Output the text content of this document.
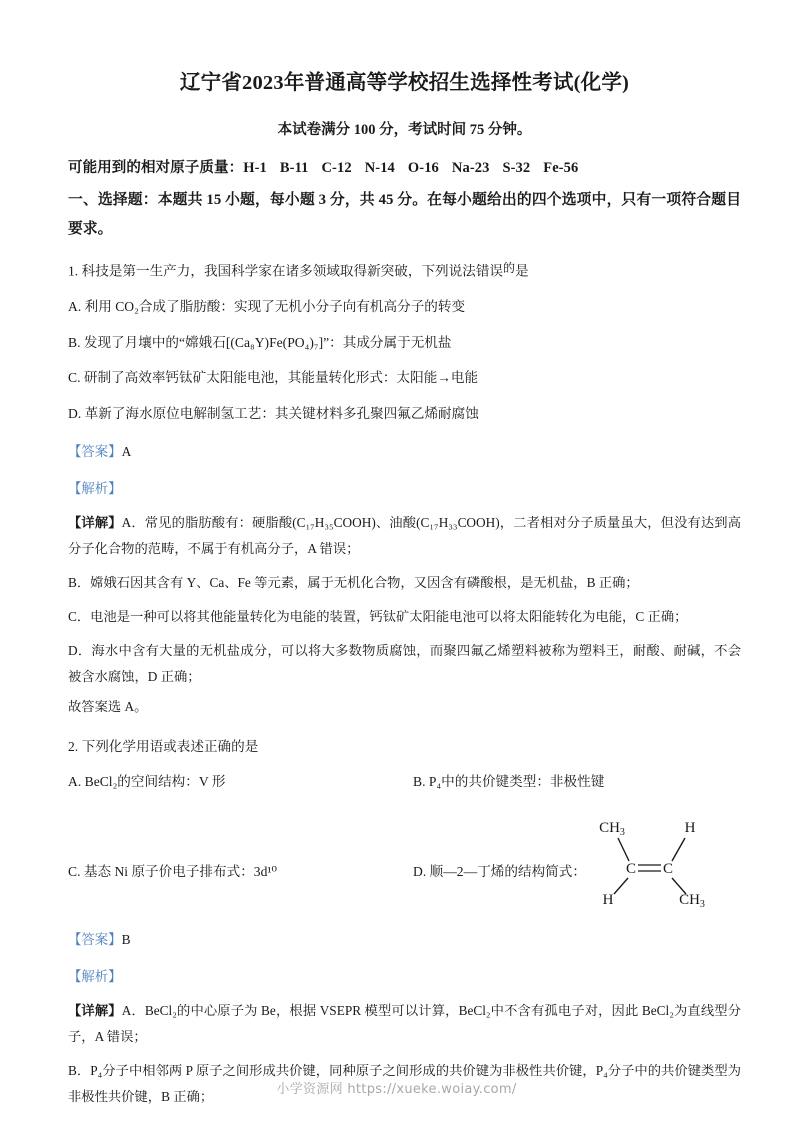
辽宁省2023年普通高等学校招生选择性考试(化学)
本试卷满分 100 分，考试时间 75 分钟。
可能用到的相对原子质量：H-1 B-11 C-12 N-14 O-16 Na-23 S-32 Fe-56
一、选择题：本题共 15 小题，每小题 3 分，共 45 分。在每小题给出的四个选项中，只有一项符合题目要求。
1. 科技是第一生产力，我国科学家在诸多领域取得新突破，下列说法错误的是
A. 利用 CO₂合成了脂肪酸：实现了无机小分子向有机高分子的转变
B. 发现了月壤中的“嫦娥石[(Ca₈Y)Fe(PO₄)₇]”：其成分属于无机盐
C. 研制了高效率钙钛矿太阳能电池，其能量转化形式：太阳能→电能
D. 革新了海水原位电解制氢工艺：其关键材料多孔聚四氟乙烯耐腐蚀
【答案】A
【解析】
【详解】A．常见的脂肪酸有：硬脂酸(C₁₇H₃₅COOH)、油酸(C₁₇H₃₃COOH)，二者相对分子质量虽大，但没有达到高分子化合物的范畴，不属于有机高分子，A 错误；
B．嫦娥石因其含有 Y、Ca、Fe 等元素，属于无机化合物，又因含有磷酸根，是无机盐，B 正确；
C．电池是一种可以将其他能量转化为电能的装置，钙钛矿太阳能电池可以将太阳能转化为电能，C 正确；
D．海水中含有大量的无机盐成分，可以将大多数物质腐蚀，而聚四氟乙烯塑料被称为塑料王，耐酸、耐碱，不会被含水腐蚀，D 正确；
故答案选 A。
2. 下列化学用语或表述正确的是
A. BeCl₂的空间结构：V 形	B. P₄中的共价键类型：非极性键
C. 基态 Ni 原子价电子排布式：3d¹⁰	D. 顺—2—丁烯的结构简式：
$CH_3$	H
C C
H	$CH_3$
【答案】B
【解析】
【详解】A．BeCl₂的中心原子为 Be，根据 VSEPR 模型可以计算，BeCl₂中不含有孤电子对，因此 BeCl₂为直线型分子，A 错误；
B．P₄分子中相邻两 P 原子之间形成共价键，同种原子之间形成的共价键为非极性共价键，P₄分子中的共价键类型为非极性共价键，B 正确；	小学资源网 https://xueke.woiay.com/
